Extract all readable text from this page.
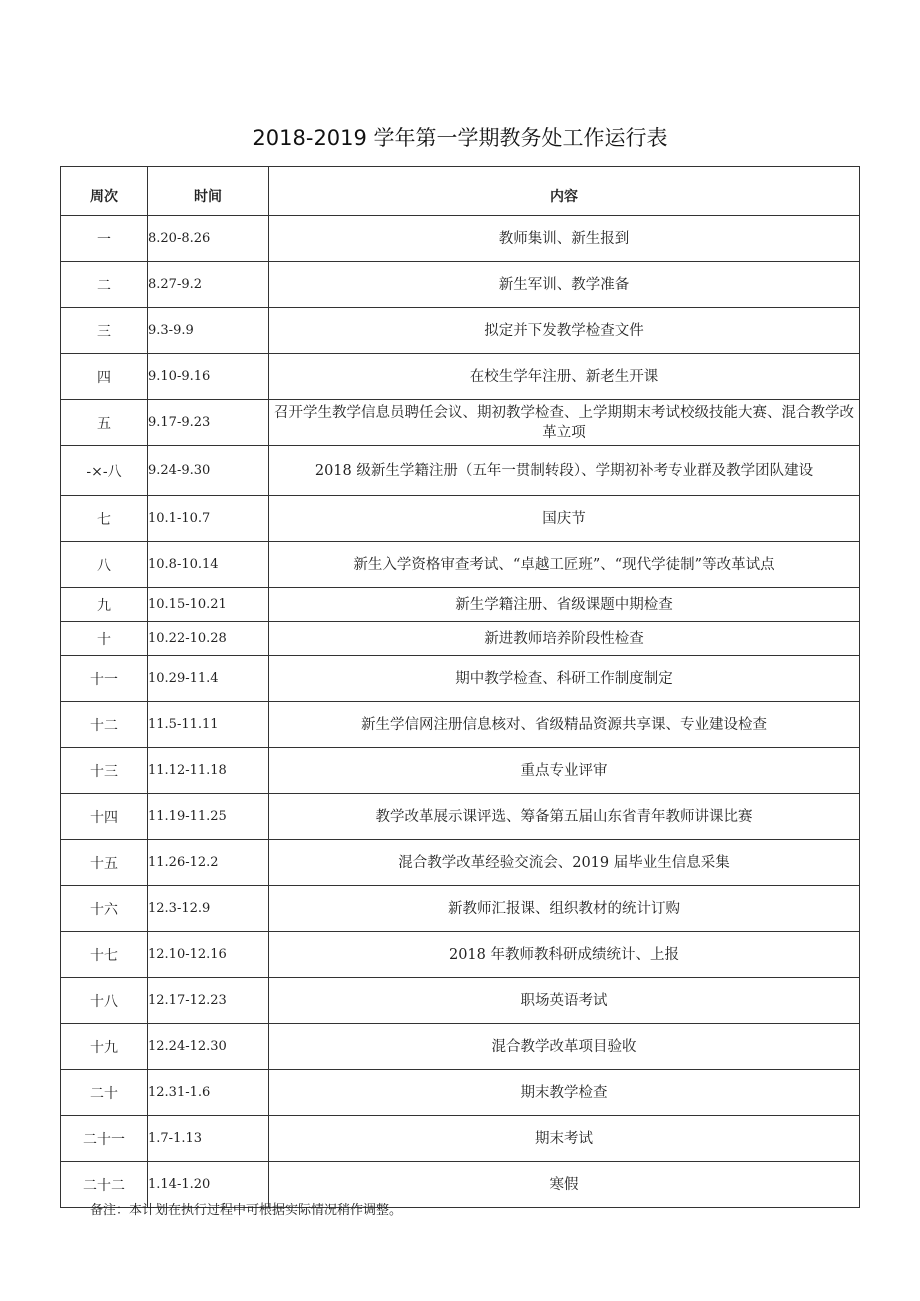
2018-2019 学年第一学期教务处工作运行表
周次	时间	内容
一	8.20-8.26	教师集训、新生报到
二	8.27-9.2	新生军训、教学准备
三	9.3-9.9	拟定并下发教学检查文件
四	9.10-9.16	在校生学年注册、新老生开课
五	9.17-9.23	召开学生教学信息员聘任会议、期初教学检查、上学期期末考试校级技能大赛、混合教学改革立项
-×-八	9.24-9.30	2018 级新生学籍注册（五年一贯制转段）、学期初补考专业群及教学团队建设
七	10.1-10.7	国庆节
八	10.8-10.14	新生入学资格审查考试、“卓越工匠班”、“现代学徒制”等改革试点
九	10.15-10.21	新生学籍注册、省级课题中期检查
十	10.22-10.28	新进教师培养阶段性检查
十一	10.29-11.4	期中教学检查、科研工作制度制定
十二	11.5-11.11	新生学信网注册信息核对、省级精品资源共享课、专业建设检查
十三	11.12-11.18	重点专业评审
十四	11.19-11.25	教学改革展示课评选、筹备第五届山东省青年教师讲课比赛
十五	11.26-12.2	混合教学改革经验交流会、2019 届毕业生信息采集
十六	12.3-12.9	新教师汇报课、组织教材的统计订购
十七	12.10-12.16	2018 年教师教科研成绩统计、上报
十八	12.17-12.23	职场英语考试
十九	12.24-12.30	混合教学改革项目验收
二十	12.31-1.6	期末教学检查
二十一	1.7-1.13	期末考试
二十二	1.14-1.20	寒假
备注：本计划在执行过程中可根据实际情况稍作调整。
